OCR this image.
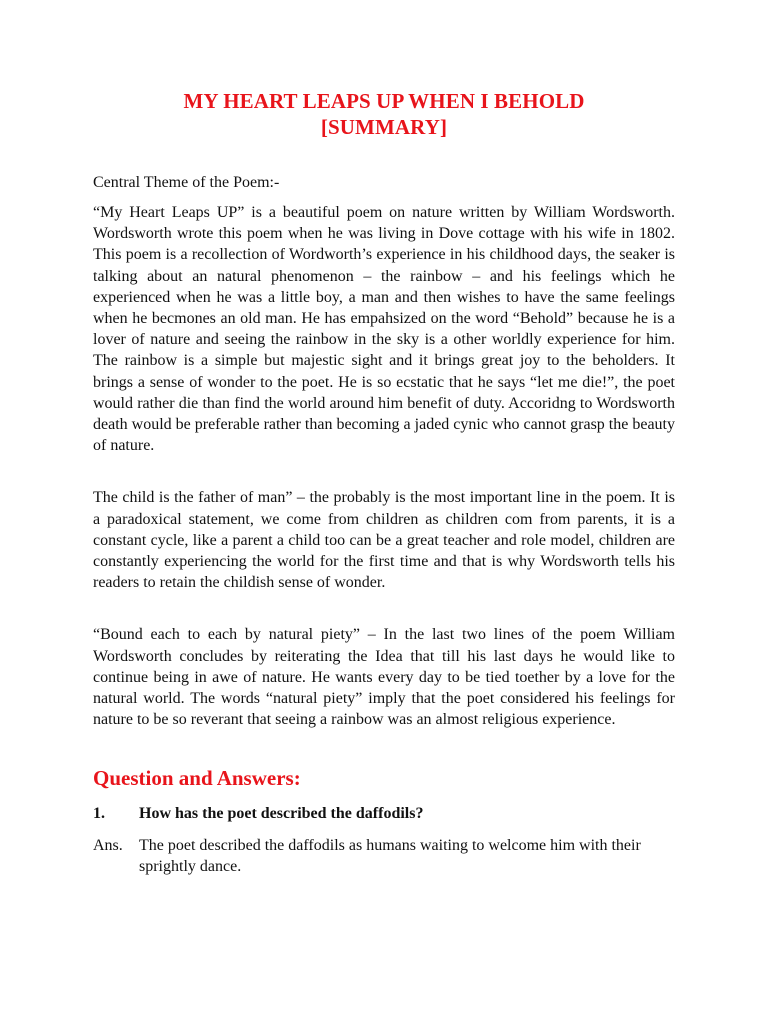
MY HEART LEAPS UP WHEN I BEHOLD
[SUMMARY]

Central Theme of the Poem:-

“My Heart Leaps UP” is a beautiful poem on nature written by William Wordsworth. Wordsworth wrote this poem when he was living in Dove cottage with his wife in 1802. This poem is a recollection of Wordworth’s experience in his childhood days, the seaker is talking about an natural phenomenon – the rainbow – and his feelings which he experienced when he was a little boy, a man and then wishes to have the same feelings when he becmones an old man. He has empahsized on the word “Behold” because he is a lover of nature and seeing the rainbow in the sky is a other worldly experience for him. The rainbow is a simple but majestic sight and it brings great joy to the beholders. It brings a sense of wonder to the poet. He is so ecstatic that he says “let me die!”, the poet would rather die than find the world around him benefit of duty. Accoridng to Wordsworth death would be preferable rather than becoming a jaded cynic who cannot grasp the beauty of nature.

The child is the father of man” – the probably is the most important line in the poem. It is a paradoxical statement, we come from children as children com from parents, it is a constant cycle, like a parent a child too can be a great teacher and role model, children are constantly experiencing the world for the first time and that is why Wordsworth tells his readers to retain the childish sense of wonder.

“Bound each to each by natural piety” – In the last two lines of the poem William Wordsworth concludes by reiterating the Idea that till his last days he would like to continue being in awe of nature. He wants every day to be tied toether by a love for the natural world. The words “natural piety” imply that the poet considered his feelings for nature to be so reverant that seeing a rainbow was an almost religious experience.

Question and Answers:
1.	How has the poet described the daffodils?
Ans.	The poet described the daffodils as humans waiting to welcome him with their sprightly dance.
